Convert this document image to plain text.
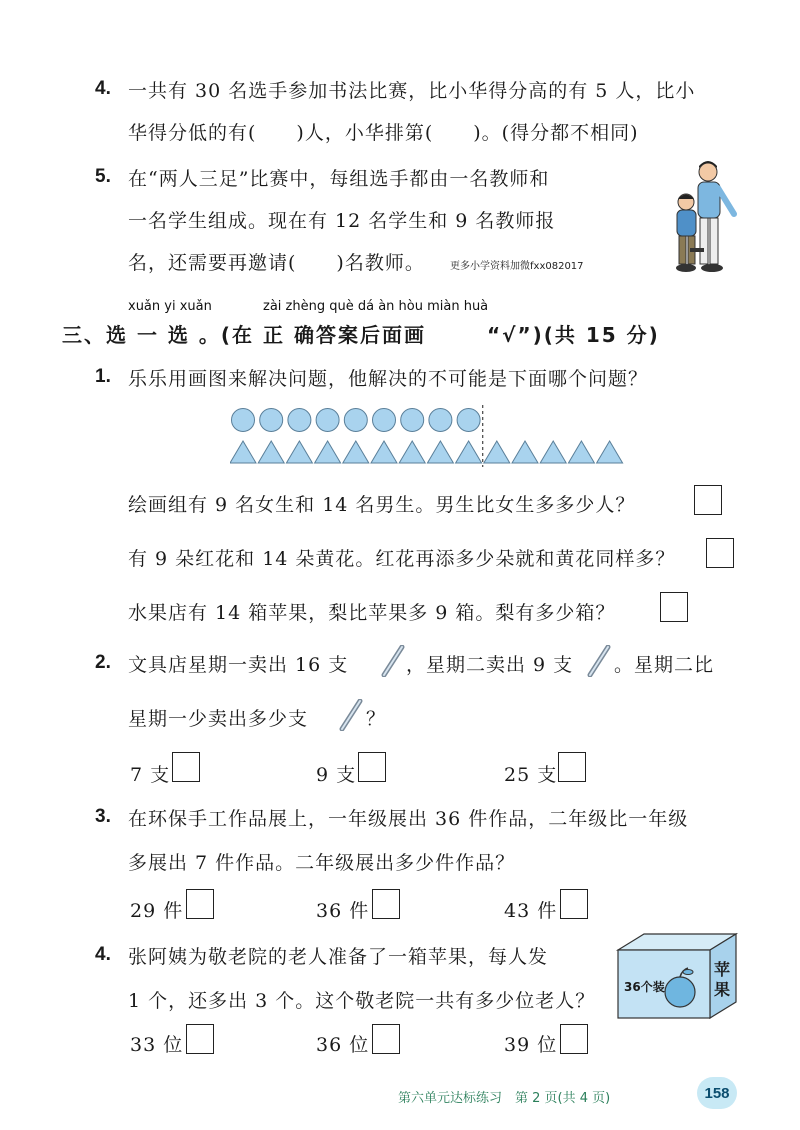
4. 一共有 30 名选手参加书法比赛，比小华得分高的有 5 人，比小
华得分低的有(　　)人，小华排第(　　)。(得分都不相同)
5. 在“两人三足”比赛中，每组选手都由一名教师和
一名学生组成。现在有 12 名学生和 9 名教师报
名，还需要再邀请(　　)名教师。	更多小学资料加微fxx082017
xuǎn yi xuǎn	zài zhèng què dá àn hòu miàn huà
三、选 一 选 。(在 正 确答案后面画	“√”)(共 15 分)
1. 乐乐用画图来解决问题，他解决的不可能是下面哪个问题？
绘画组有 9 名女生和 14 名男生。男生比女生多多少人？
有 9 朵红花和 14 朵黄花。红花再添多少朵就和黄花同样多？
水果店有 14 箱苹果，梨比苹果多 9 箱。梨有多少箱？
2. 文具店星期一卖出 16 支	，星期二卖出 9 支 。星期二比
星期一少卖出多少支	？
7 支	9 支	25 支
3. 在环保手工作品展上，一年级展出 36 件作品，二年级比一年级
多展出 7 件作品。二年级展出多少件作品？
29 件	36 件	43 件
4. 张阿姨为敬老院的老人准备了一箱苹果，每人发
1 个，还多出 3 个。这个敬老院一共有多少位老人？
36个装
苹果
33 位	36 位	39 位
第六单元达标练习　第 2 页(共 4 页)	158
